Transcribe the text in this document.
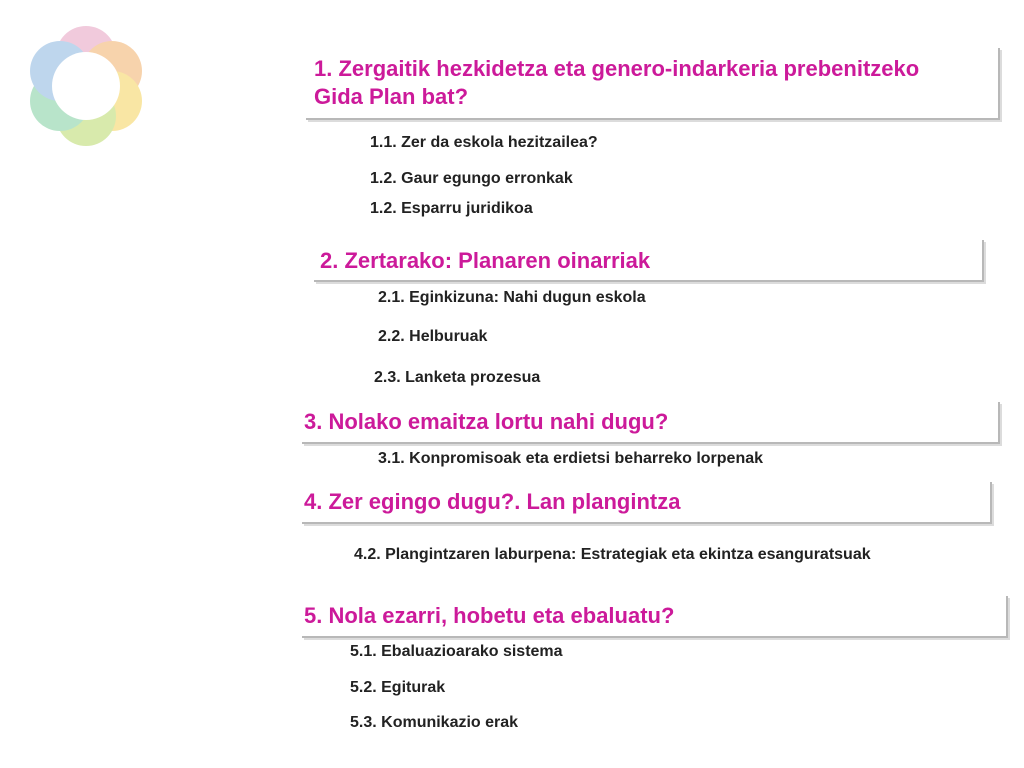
1. Zergaitik hezkidetza eta genero-indarkeria prebenitzeko Gida Plan bat?
1.1. Zer da eskola hezitzailea?
1.2. Gaur egungo erronkak
1.2. Esparru juridikoa
2. Zertarako: Planaren oinarriak
2.1. Eginkizuna: Nahi dugun eskola
2.2. Helburuak
2.3. Lanketa prozesua
3. Nolako emaitza lortu nahi dugu?
3.1. Konpromisoak eta erdietsi beharreko lorpenak
4. Zer egingo dugu?. Lan plangintza
4.2. Plangintzaren laburpena: Estrategiak eta ekintza esanguratsuak
5. Nola ezarri, hobetu eta ebaluatu?
5.1. Ebaluazioarako sistema
5.2. Egiturak
5.3. Komunikazio erak
